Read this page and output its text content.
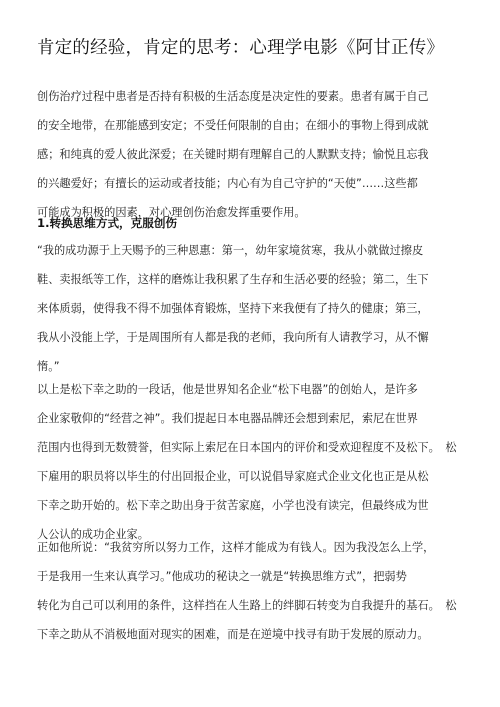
肯定的经验，肯定的思考：心理学电影《阿甘正传》
创伤治疗过程中患者是否持有积极的生活态度是决定性的要素。患者有属于自己
的安全地带，在那能感到安定；不受任何限制的自由；在细小的事物上得到成就
感；和纯真的爱人彼此深爱；在关键时期有理解自己的人默默支持；愉悦且忘我
的兴趣爱好；有擅长的运动或者技能；内心有为自己守护的“天使”……这些都
可能成为积极的因素，对心理创伤治愈发挥重要作用。
1.转换思维方式，克服创伤
“我的成功源于上天赐予的三种恩惠：第一，幼年家境贫寒，我从小就做过擦皮
鞋、卖报纸等工作，这样的磨炼让我积累了生存和生活必要的经验；第二，生下
来体质弱，使得我不得不加强体育锻炼，坚持下来我便有了持久的健康；第三，
我从小没能上学，于是周围所有人都是我的老师，我向所有人请教学习，从不懈
惰。”
以上是松下幸之助的一段话，他是世界知名企业“松下电器”的创始人，是许多
企业家敬仰的“经营之神”。我们提起日本电器品牌还会想到索尼，索尼在世界
范围内也得到无数赞誉，但实际上索尼在日本国内的评价和受欢迎程度不及松下。　松
下雇用的职员将以毕生的付出回报企业，可以说倡导家庭式企业文化也正是从松
下幸之助开始的。松下幸之助出身于贫苦家庭，小学也没有读完，但最终成为世
人公认的成功企业家。
正如他所说：“我贫穷所以努力工作，这样才能成为有钱人。因为我没怎么上学，
于是我用一生来认真学习。”他成功的秘诀之一就是“转换思维方式”，把弱势
转化为自己可以利用的条件，这样挡在人生路上的绊脚石转变为自我提升的基石。　松
下幸之助从不消极地面对现实的困难，而是在逆境中找寻有助于发展的原动力。
